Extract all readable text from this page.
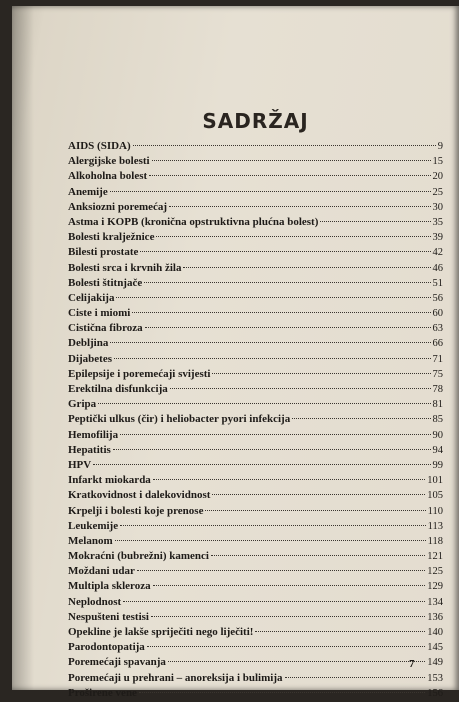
SADRŽAJ
AIDS (SIDA)	9
Alergijske bolesti	15
Alkoholna bolest	20
Anemije	25
Anksiozni poremećaj	30
Astma i KOPB (kronična opstruktivna plućna bolest)	35
Bolesti kralježnice	39
Bilesti prostate	42
Bolesti srca i krvnih žila	46
Bolesti štitnjače	51
Celijakija	56
Ciste i miomi	60
Cistična fibroza	63
Debljina	66
Dijabetes	71
Epilepsije i poremećaji svijesti	75
Erektilna disfunkcija	78
Gripa	81
Peptički ulkus (čir) i heliobacter pyori infekcija	85
Hemofilija	90
Hepatitis	94
HPV	99
Infarkt miokarda	101
Kratkovidnost i dalekovidnost	105
Krpelji i bolesti koje prenose	110
Leukemije	113
Melanom	118
Mokraćni (bubrežni) kamenci	121
Moždani udar	125
Multipla skleroza	129
Neplodnost	134
Nespušteni testisi	136
Opekline je lakše spriječiti nego liječiti!	140
Parodontopatija	145
Poremećaji spavanja	149
Poremećaji u prehrani – anoreksija i bulimija	153
Proširene vene	156
7
